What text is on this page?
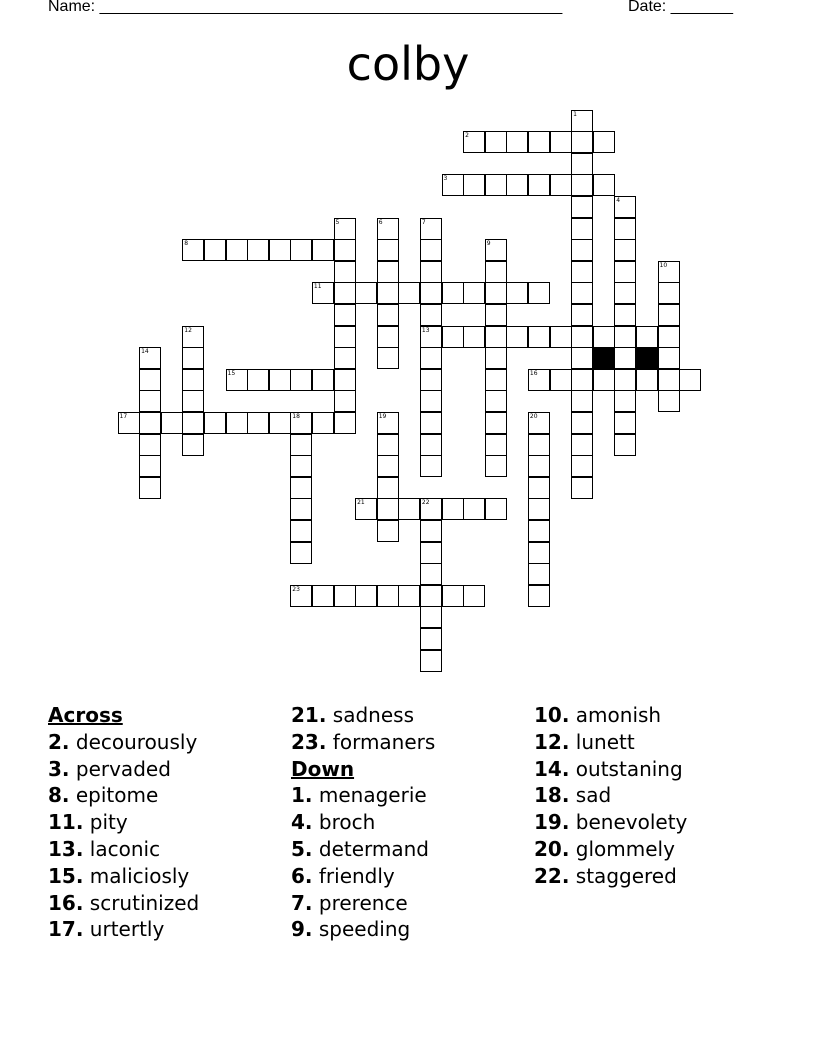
Name: ____________________________________________________	Date: _______
colby
1
2
3
4
5	6	7
8	9
10
11
12	13
14
15	16
17	18	19	20
21	22
23
Across
2. decourously
3. pervaded
8. epitome
11. pity
13. laconic
15. maliciosly
16. scrutinized
17. urtertly
21. sadness
23. formaners
Down
1. menagerie
4. broch
5. determand
6. friendly
7. prerence
9. speeding
10. amonish
12. lunett
14. outstaning
18. sad
19. benevolety
20. glommely
22. staggered
